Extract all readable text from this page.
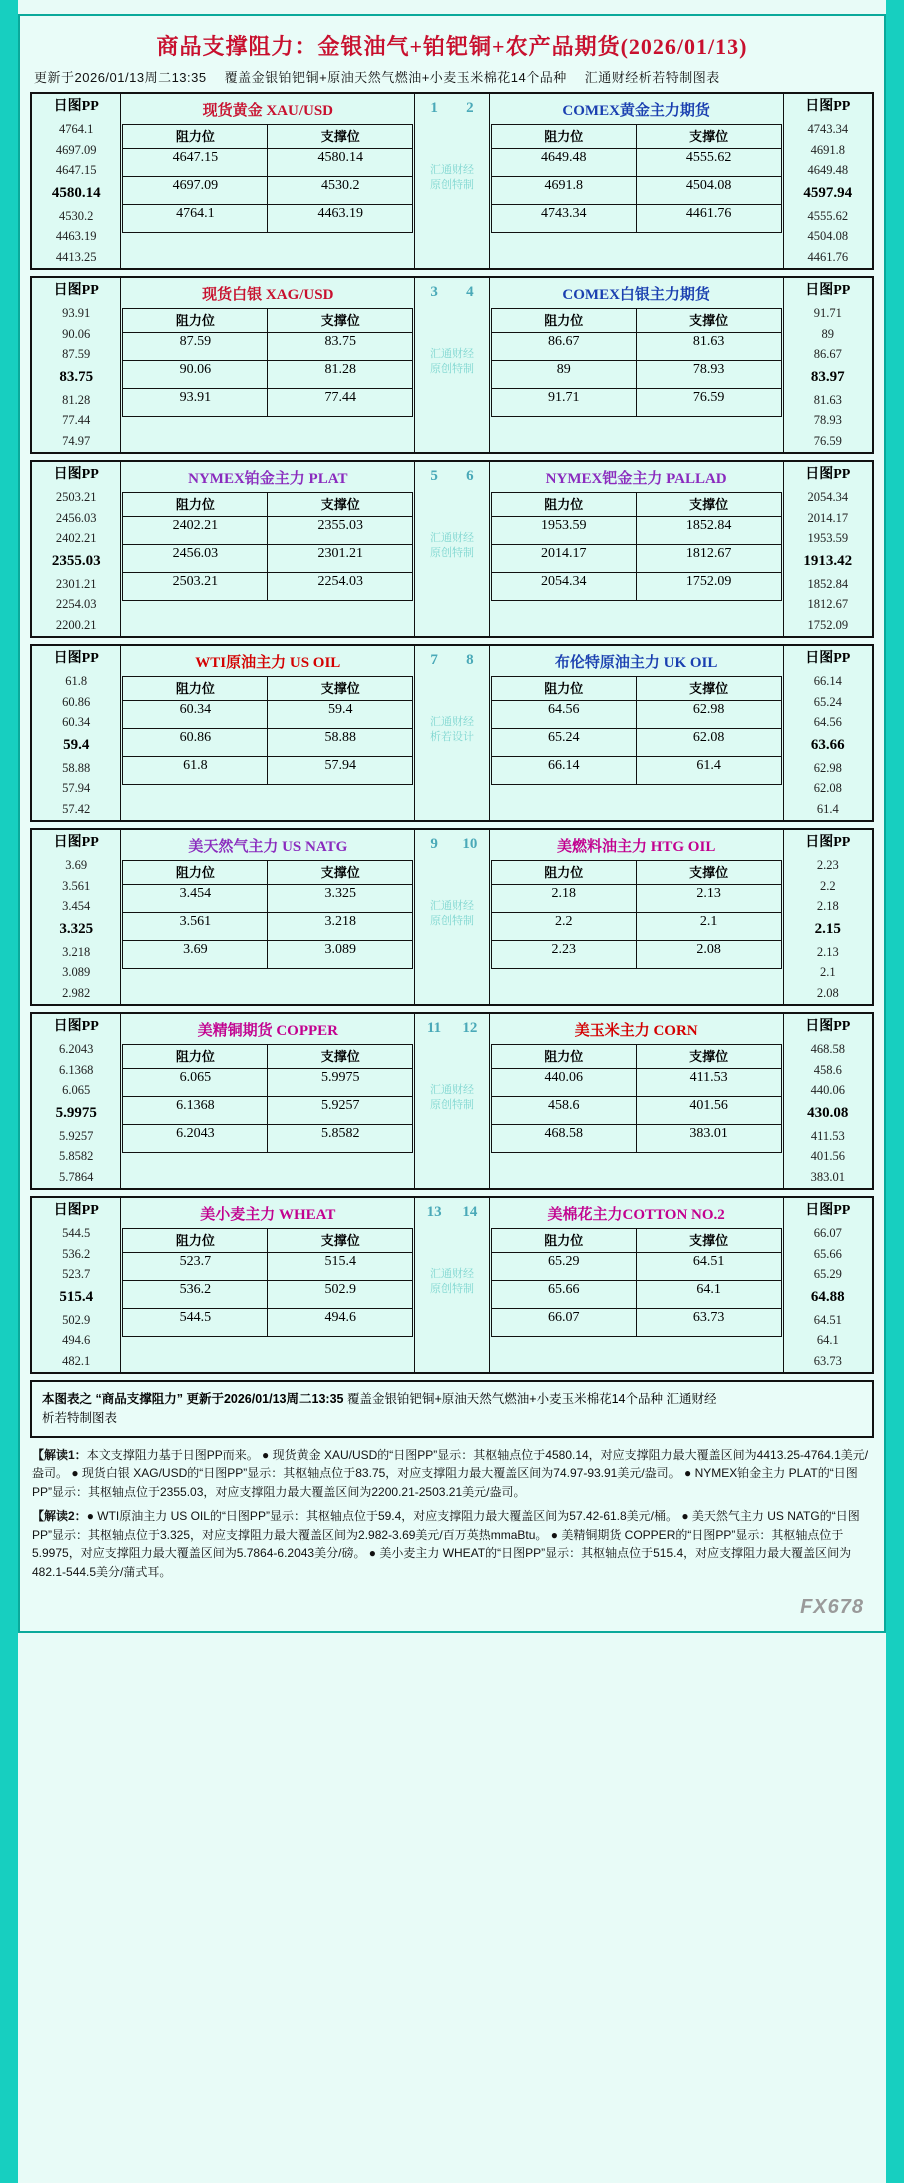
商品支撑阻力：金银油气+铂钯铜+农产品期货(2026/01/13)
更新于2026/01/13周二13:35 覆盖金银铂钯铜+原油天然气燃油+小麦玉米棉花14个品种 汇通财经析若特制图表
日图PP
4764.1
4697.09
4647.15
4580.14
4530.2
4463.19
4413.25

现货黄金 XAU/USD
阻力位	支撑位
4647.15	4580.14
4697.09	4530.2
4764.1	4463.19
	1 2
汇通财经
原创特制

COMEX黄金主力期货
阻力位	支撑位
4649.48	4555.62
4691.8	4504.08
4743.34	4461.76

日图PP
4743.34
4691.8
4649.48
4597.94
4555.62
4504.08
4461.76
日图PP
93.91
90.06
87.59
83.75
81.28
77.44
74.97

现货白银 XAG/USD
阻力位	支撑位
87.59	83.75
90.06	81.28
93.91	77.44
	3 4
汇通财经
原创特制

COMEX白银主力期货
阻力位	支撑位
86.67	81.63
89	78.93
91.71	76.59

日图PP
91.71
89
86.67
83.97
81.63
78.93
76.59
日图PP
2503.21
2456.03
2402.21
2355.03
2301.21
2254.03
2200.21

NYMEX铂金主力 PLAT
阻力位	支撑位
2402.21	2355.03
2456.03	2301.21
2503.21	2254.03
	5 6
汇通财经
原创特制

NYMEX钯金主力 PALLAD
阻力位	支撑位
1953.59	1852.84
2014.17	1812.67
2054.34	1752.09

日图PP
2054.34
2014.17
1953.59
1913.42
1852.84
1812.67
1752.09
日图PP
61.8
60.86
60.34
59.4
58.88
57.94
57.42

WTI原油主力 US OIL
阻力位	支撑位
60.34	59.4
60.86	58.88
61.8	57.94
	7 8
汇通财经
析若设计

布伦特原油主力 UK OIL
阻力位	支撑位
64.56	62.98
65.24	62.08
66.14	61.4

日图PP
66.14
65.24
64.56
63.66
62.98
62.08
61.4
日图PP
3.69
3.561
3.454
3.325
3.218
3.089
2.982

美天然气主力 US NATG
阻力位	支撑位
3.454	3.325
3.561	3.218
3.69	3.089
	9 10
汇通财经
原创特制

美燃料油主力 HTG OIL
阻力位	支撑位
2.18	2.13
2.2	2.1
2.23	2.08

日图PP
2.23
2.2
2.18
2.15
2.13
2.1
2.08
日图PP
6.2043
6.1368
6.065
5.9975
5.9257
5.8582
5.7864

美精铜期货 COPPER
阻力位	支撑位
6.065	5.9975
6.1368	5.9257
6.2043	5.8582
	11 12
汇通财经
原创特制

美玉米主力 CORN
阻力位	支撑位
440.06	411.53
458.6	401.56
468.58	383.01

日图PP
468.58
458.6
440.06
430.08
411.53
401.56
383.01
日图PP
544.5
536.2
523.7
515.4
502.9
494.6
482.1

美小麦主力 WHEAT
阻力位	支撑位
523.7	515.4
536.2	502.9
544.5	494.6
	13 14
汇通财经
原创特制

美棉花主力COTTON NO.2
阻力位	支撑位
65.29	64.51
65.66	64.1
66.07	63.73

日图PP
66.07
65.66
65.29
64.88
64.51
64.1
63.73
本图表之 “商品支撑阻力” 更新于2026/01/13周二13:35 覆盖金银铂钯铜+原油天然气燃油+小麦玉米棉花14个品种 汇通财经
析若特制图表

【解读1：本文支撑阻力基于日图PP而来。 ● 现货黄金 XAU/USD的“日图PP”显示：其枢轴点位于4580.14，对应支撑阻力最大覆盖区间为4413.25-4764.1美元/盎司。 ● 现货白银 XAG/USD的“日图PP”显示：其枢轴点位于83.75，对应支撑阻力最大覆盖区间为74.97-93.91美元/盎司。 ● NYMEX铂金主力 PLAT的“日图PP”显示：其枢轴点位于2355.03，对应支撑阻力最大覆盖区间为2200.21-2503.21美元/盎司。

【解读2：● WTI原油主力 US OIL的“日图PP”显示：其枢轴点位于59.4，对应支撑阻力最大覆盖区间为57.42-61.8美元/桶。 ● 美天然气主力 US NATG的“日图PP”显示：其枢轴点位于3.325，对应支撑阻力最大覆盖区间为2.982-3.69美元/百万英热mmaBtu。 ● 美精铜期货 COPPER的“日图PP”显示：其枢轴点位于5.9975，对应支撑阻力最大覆盖区间为5.7864-6.2043美分/磅。 ● 美小麦主力 WHEAT的“日图PP”显示：其枢轴点位于515.4，对应支撑阻力最大覆盖区间为482.1-544.5美分/蒲式耳。

FX678
